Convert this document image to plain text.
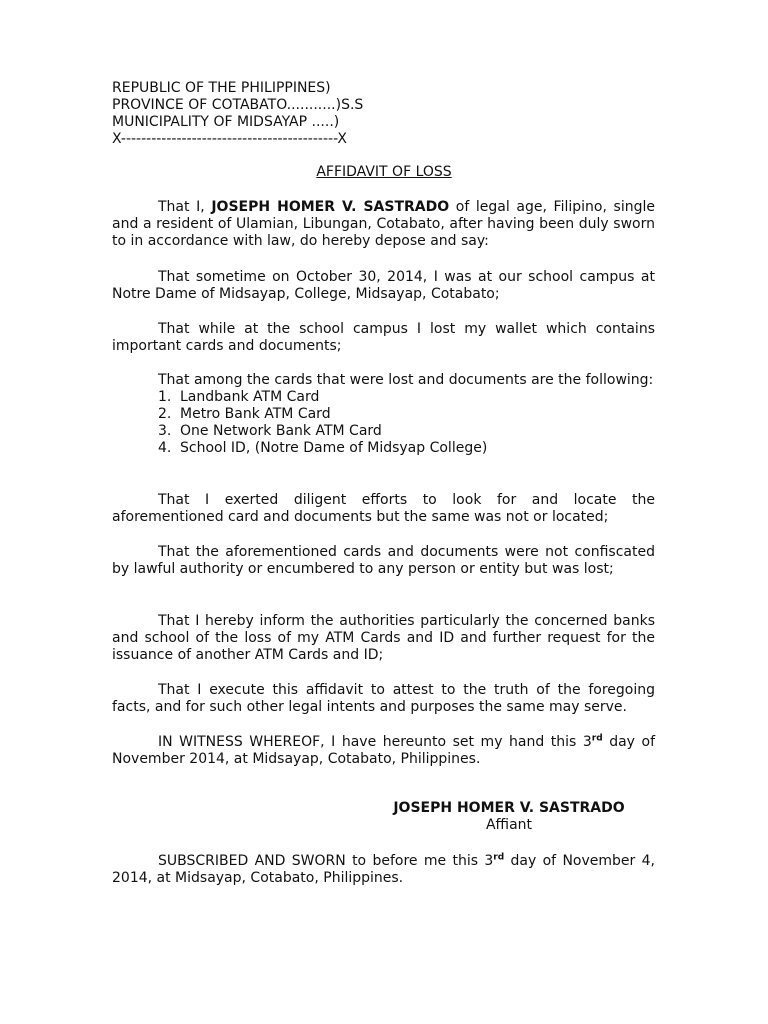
REPUBLIC OF THE PHILIPPINES)
PROVINCE OF COTABATO...........)S.S
MUNICIPALITY OF MIDSAYAP .....)
X-------------------------------------------X
AFFIDAVIT OF LOSS

That I, JOSEPH HOMER V. SASTRADO of legal age, Filipino, single and a resident of Ulamian, Libungan, Cotabato, after having been duly sworn to in accordance with law, do hereby depose and say:

That sometime on October 30, 2014, I was at our school campus at Notre Dame of Midsayap, College, Midsayap, Cotabato;

That while at the school campus I lost my wallet which contains important cards and documents;

That among the cards that were lost and documents are the following:

1. Landbank ATM Card
2. Metro Bank ATM Card
3. One Network Bank ATM Card
4. School ID, (Notre Dame of Midsyap College)

That I exerted diligent efforts to look for and locate the aforementioned card and documents but the same was not or located;

That the aforementioned cards and documents were not confiscated by lawful authority or encumbered to any person or entity but was lost;

That I hereby inform the authorities particularly the concerned banks and school of the loss of my ATM Cards and ID and further request for the issuance of another ATM Cards and ID;

That I execute this affidavit to attest to the truth of the foregoing facts, and for such other legal intents and purposes the same may serve.

IN WITNESS WHEREOF, I have hereunto set my hand this 3rd day of November 2014, at Midsayap, Cotabato, Philippines.

JOSEPH HOMER V. SASTRADO
Affiant

SUBSCRIBED AND SWORN to before me this 3rd day of November 4, 2014, at Midsayap, Cotabato, Philippines.
